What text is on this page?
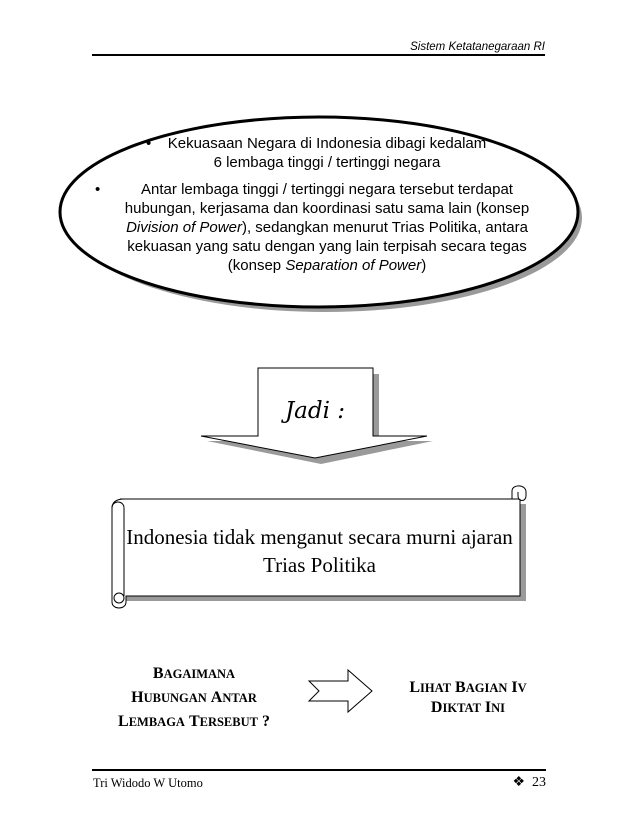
Sistem Ketatanegaraan RI
•	Kekuasaan Negara di Indonesia dibagi kedalam 6 lembaga tinggi / tertinggi negara
•	Antar lembaga tinggi / tertinggi negara tersebut terdapat hubungan, kerjasama dan koordinasi satu sama lain (konsep Division of Power), sedangkan menurut Trias Politika, antara kekuasan yang satu dengan yang lain terpisah secara tegas (konsep Separation of Power)
Jadi :
Indonesia tidak menganut secara murni ajaran Trias Politika
BAGAIMANA
HUBUNGAN ANTAR
LEMBAGA TERSEBUT ?
LIHAT BAGIAN IV
DIKTAT INI
Tri Widodo W Utomo	❖ 23
